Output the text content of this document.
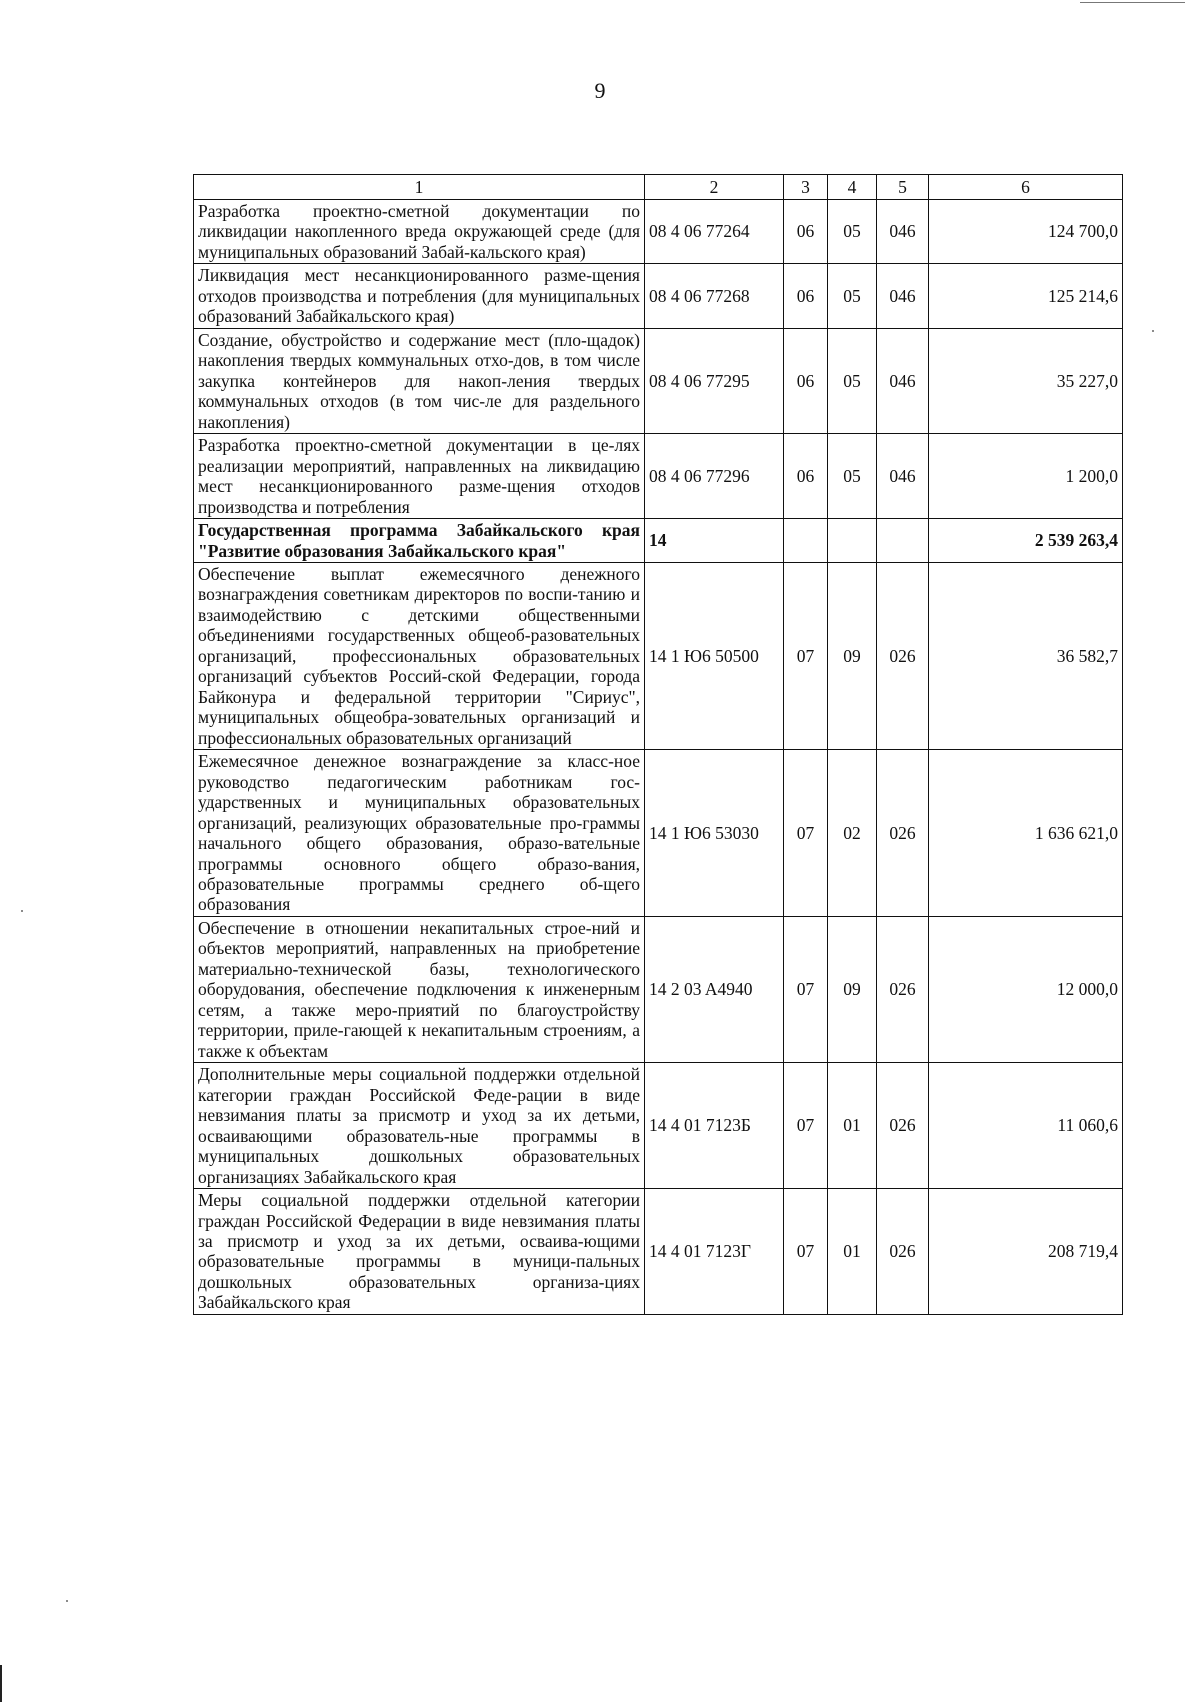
9
1	2	3	4	5	6
Разработка проектно-сметной документации по ликвидации накопленного вреда окружающей среде (для муниципальных образований Забай-кальского края)	08 4 06 77264	06	05	046	124 700,0
Ликвидация мест несанкционированного разме-щения отходов производства и потребления (для муниципальных образований Забайкальского края)	08 4 06 77268	06	05	046	125 214,6
Создание, обустройство и содержание мест (пло-щадок) накопления твердых коммунальных отхо-дов, в том числе закупка контейнеров для накоп-ления твердых коммунальных отходов (в том чис-ле для раздельного накопления)	08 4 06 77295	06	05	046	35 227,0
Разработка проектно-сметной документации в це-лях реализации мероприятий, направленных на ликвидацию мест несанкционированного разме-щения отходов производства и потребления	08 4 06 77296	06	05	046	1 200,0
Государственная программа Забайкальского края "Развитие образования Забайкальского края"	14				2 539 263,4
Обеспечение выплат ежемесячного денежного вознаграждения советникам директоров по воспи-танию и взаимодействию с детскими общественными объединениями государственных общеоб-разовательных организаций, профессиональных образовательных организаций субъектов Россий-ской Федерации, города Байконура и федеральной территории "Сириус", муниципальных общеобра-зовательных организаций и профессиональных образовательных организаций	14 1 Ю6 50500	07	09	026	36 582,7
Ежемесячное денежное вознаграждение за класс-ное руководство педагогическим работникам гос-ударственных и муниципальных образовательных организаций, реализующих образовательные про-граммы начального общего образования, образо-вательные программы основного общего образо-вания, образовательные программы среднего об-щего образования	14 1 Ю6 53030	07	02	026	1 636 621,0
Обеспечение в отношении некапитальных строе-ний и объектов мероприятий, направленных на приобретение материально-технической базы, технологического оборудования, обеспечение подключения к инженерным сетям, а также меро-приятий по благоустройству территории, приле-гающей к некапитальным строениям, а также к объектам	14 2 03 A4940	07	09	026	12 000,0
Дополнительные меры социальной поддержки отдельной категории граждан Российской Феде-рации в виде невзимания платы за присмотр и уход за их детьми, осваивающими образователь-ные программы в муниципальных дошкольных образовательных организациях Забайкальского края	14 4 01 7123Б	07	01	026	11 060,6
Меры социальной поддержки отдельной категории граждан Российской Федерации в виде невзимания платы за присмотр и уход за их детьми, осваива-ющими образовательные программы в муници-пальных дошкольных образовательных организа-циях Забайкальского края	14 4 01 7123Г	07	01	026	208 719,4
